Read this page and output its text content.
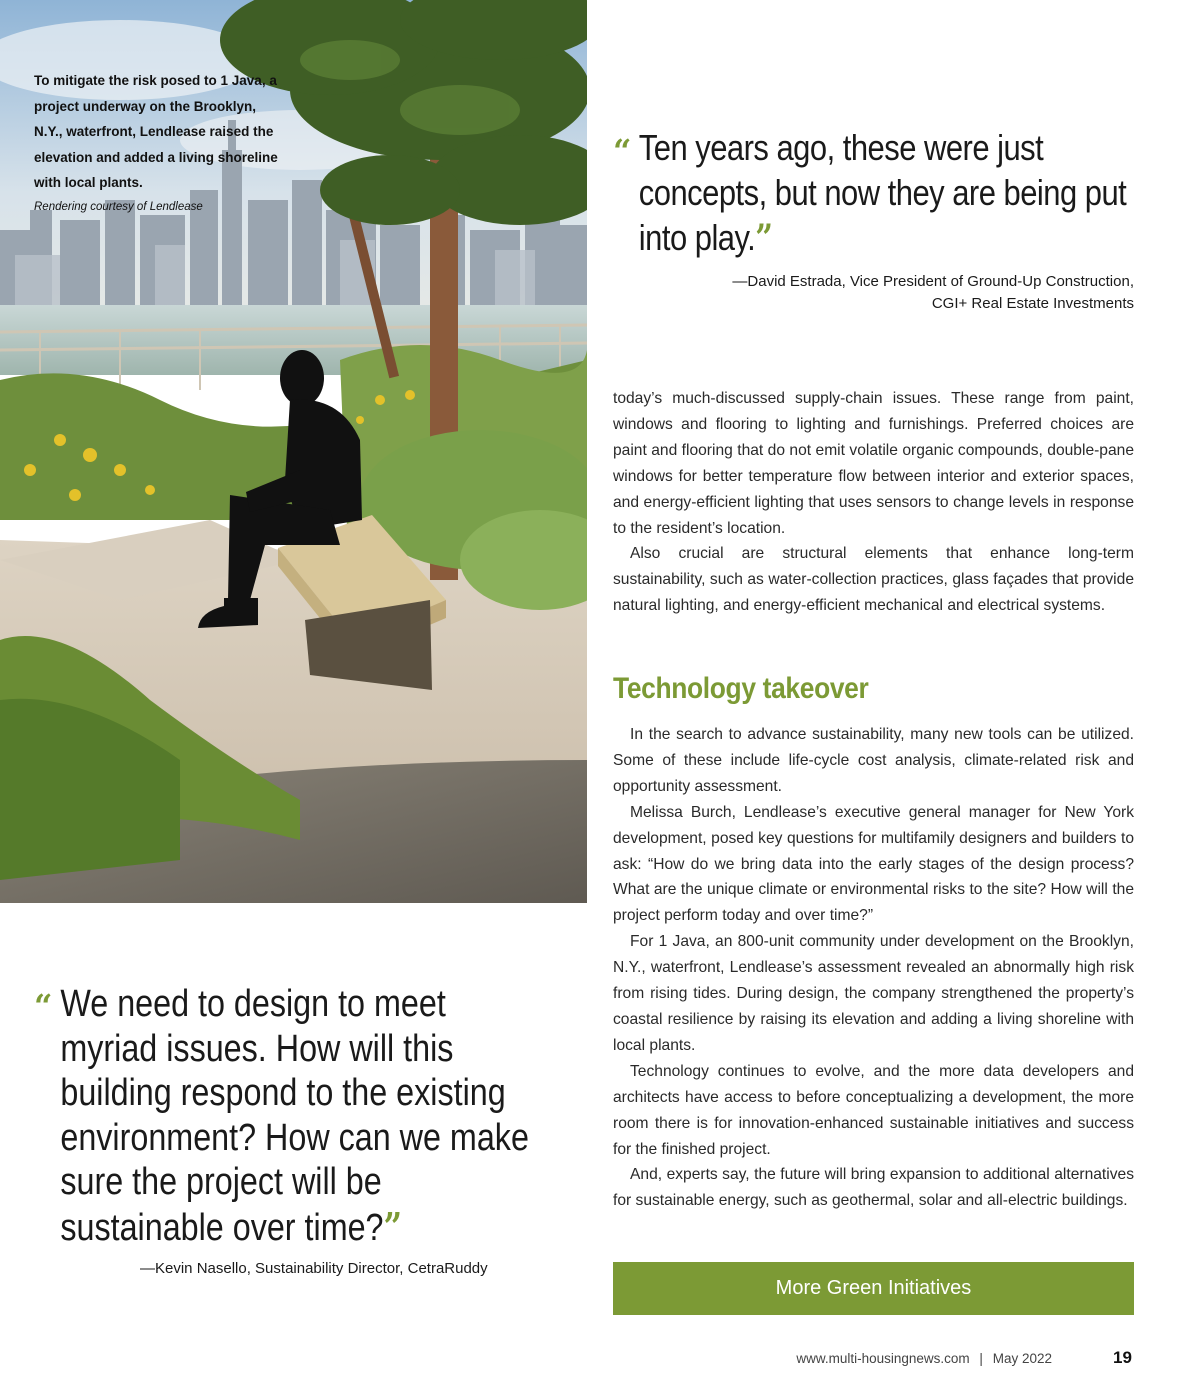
To mitigate the risk posed to 1 Java, a project underway on the Brooklyn, N.Y., waterfront, Lendlease raised the elevation and added a living shoreline with local plants.
Rendering courtesy of Lendlease
“ Ten years ago, these were just concepts, but now they are being put into play.”
—David Estrada, Vice President of Ground-Up Construction,
CGI+ Real Estate Investments

today’s much-discussed supply-chain issues. These range from paint, windows and flooring to lighting and furnishings. Preferred choices are paint and flooring that do not emit volatile organic compounds, double-pane windows for better temperature flow between interior and exterior spaces, and energy-efficient lighting that uses sensors to change levels in response to the resident’s location.

Also crucial are structural elements that enhance long-term sustainability, such as water-collection practices, glass façades that provide natural lighting, and energy-efficient mechanical and electrical systems.

Technology takeover

In the search to advance sustainability, many new tools can be utilized. Some of these include life-cycle cost analysis, climate-related risk and opportunity assessment.

Melissa Burch, Lendlease’s executive general manager for New York development, posed key questions for multifamily designers and builders to ask: “How do we bring data into the early stages of the design process? What are the unique climate or environmental risks to the site? How will the project perform today and over time?”

For 1 Java, an 800-unit community under development on the Brooklyn, N.Y., waterfront, Lendlease’s assessment revealed an abnormally high risk from rising tides. During design, the company strengthened the property’s coastal resilience by raising its elevation and adding a living shoreline with local plants.

Technology continues to evolve, and the more data developers and architects have access to before conceptualizing a development, the more room there is for innovation-enhanced sustainable initiatives and success for the finished project.

And, experts say, the future will bring expansion to additional alternatives for sustainable energy, such as geothermal, solar and all-electric buildings.

“ We need to design to meet myriad issues. How will this building respond to the existing environment? How can we make sure the project will be sustainable over time?”
—Kevin Nasello, Sustainability Director, CetraRuddy
More Green Initiatives
www.multi-housingnews.com | May 2022	19
